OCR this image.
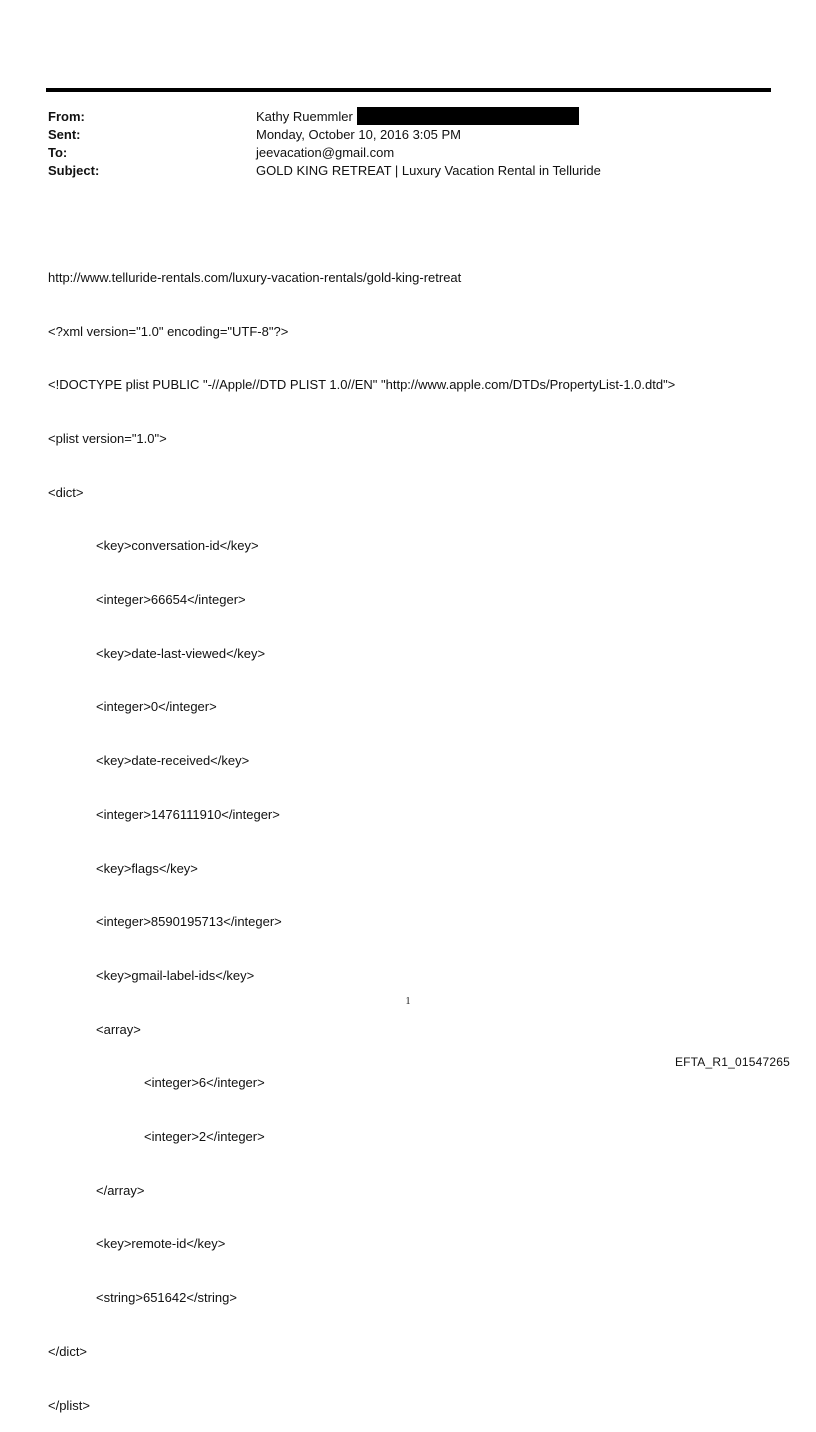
From:	Kathy Ruemmler
Sent:	Monday, October 10, 2016 3:05 PM
To:	jeevacation@gmail.com
Subject:	GOLD KING RETREAT | Luxury Vacation Rental in Telluride

http://www.telluride-rentals.com/luxury-vacation-rentals/gold-king-retreat

<?xml version="1.0" encoding="UTF-8"?>

<!DOCTYPE plist PUBLIC "-//Apple//DTD PLIST 1.0//EN" "http://www.apple.com/DTDs/PropertyList-1.0.dtd">

<plist version="1.0">

<dict>

<key>conversation-id</key>

<integer>66654</integer>

<key>date-last-viewed</key>

<integer>0</integer>

<key>date-received</key>

<integer>1476111910</integer>

<key>flags</key>

<integer>8590195713</integer>

<key>gmail-label-ids</key>

<array>

<integer>6</integer>

<integer>2</integer>

</array>

<key>remote-id</key>

<string>651642</string>

</dict>

</plist>

1
EFTA_R1_01547265
